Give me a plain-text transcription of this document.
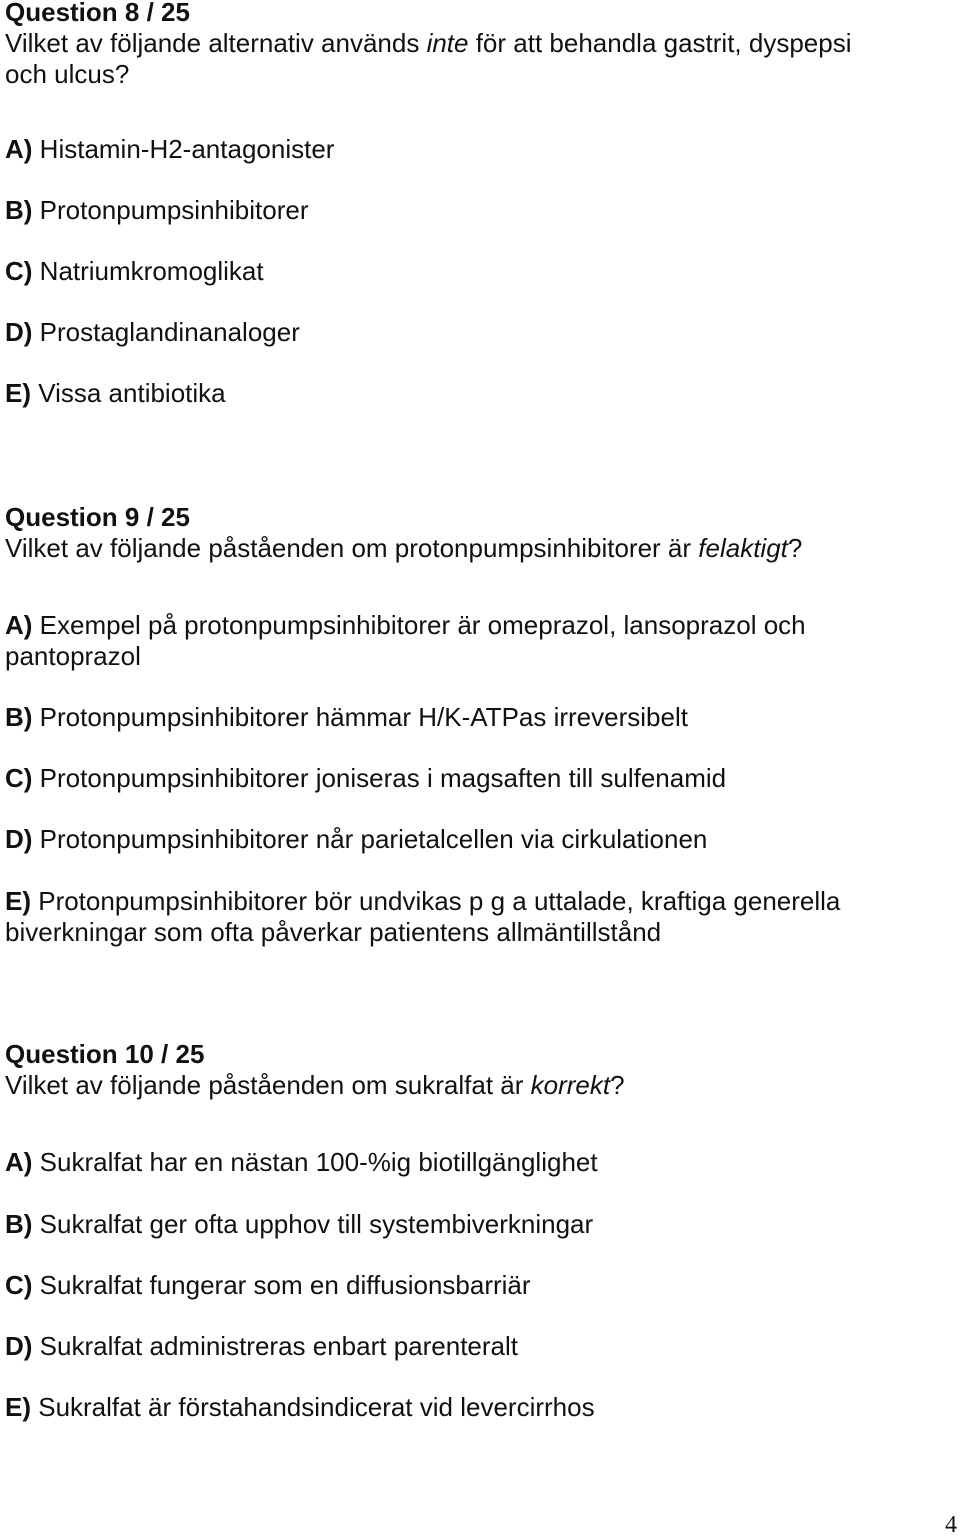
Question 8 / 25
Vilket av följande alternativ används inte för att behandla gastrit, dyspepsi
och ulcus?
A) Histamin-H2-antagonister
B) Protonpumpsinhibitorer
C) Natriumkromoglikat
D) Prostaglandinanaloger
E) Vissa antibiotika
Question 9 / 25
Vilket av följande påståenden om protonpumpsinhibitorer är felaktigt?
A) Exempel på protonpumpsinhibitorer är omeprazol, lansoprazol och
pantoprazol
B) Protonpumpsinhibitorer hämmar H/K-ATPas irreversibelt
C) Protonpumpsinhibitorer joniseras i magsaften till sulfenamid
D) Protonpumpsinhibitorer når parietalcellen via cirkulationen
E) Protonpumpsinhibitorer bör undvikas p g a uttalade, kraftiga generella
biverkningar som ofta påverkar patientens allmäntillstånd
Question 10 / 25
Vilket av följande påståenden om sukralfat är korrekt?
A) Sukralfat har en nästan 100-%ig biotillgänglighet
B) Sukralfat ger ofta upphov till systembiverkningar
C) Sukralfat fungerar som en diffusionsbarriär
D) Sukralfat administreras enbart parenteralt
E) Sukralfat är förstahandsindicerat vid levercirrhos
4
